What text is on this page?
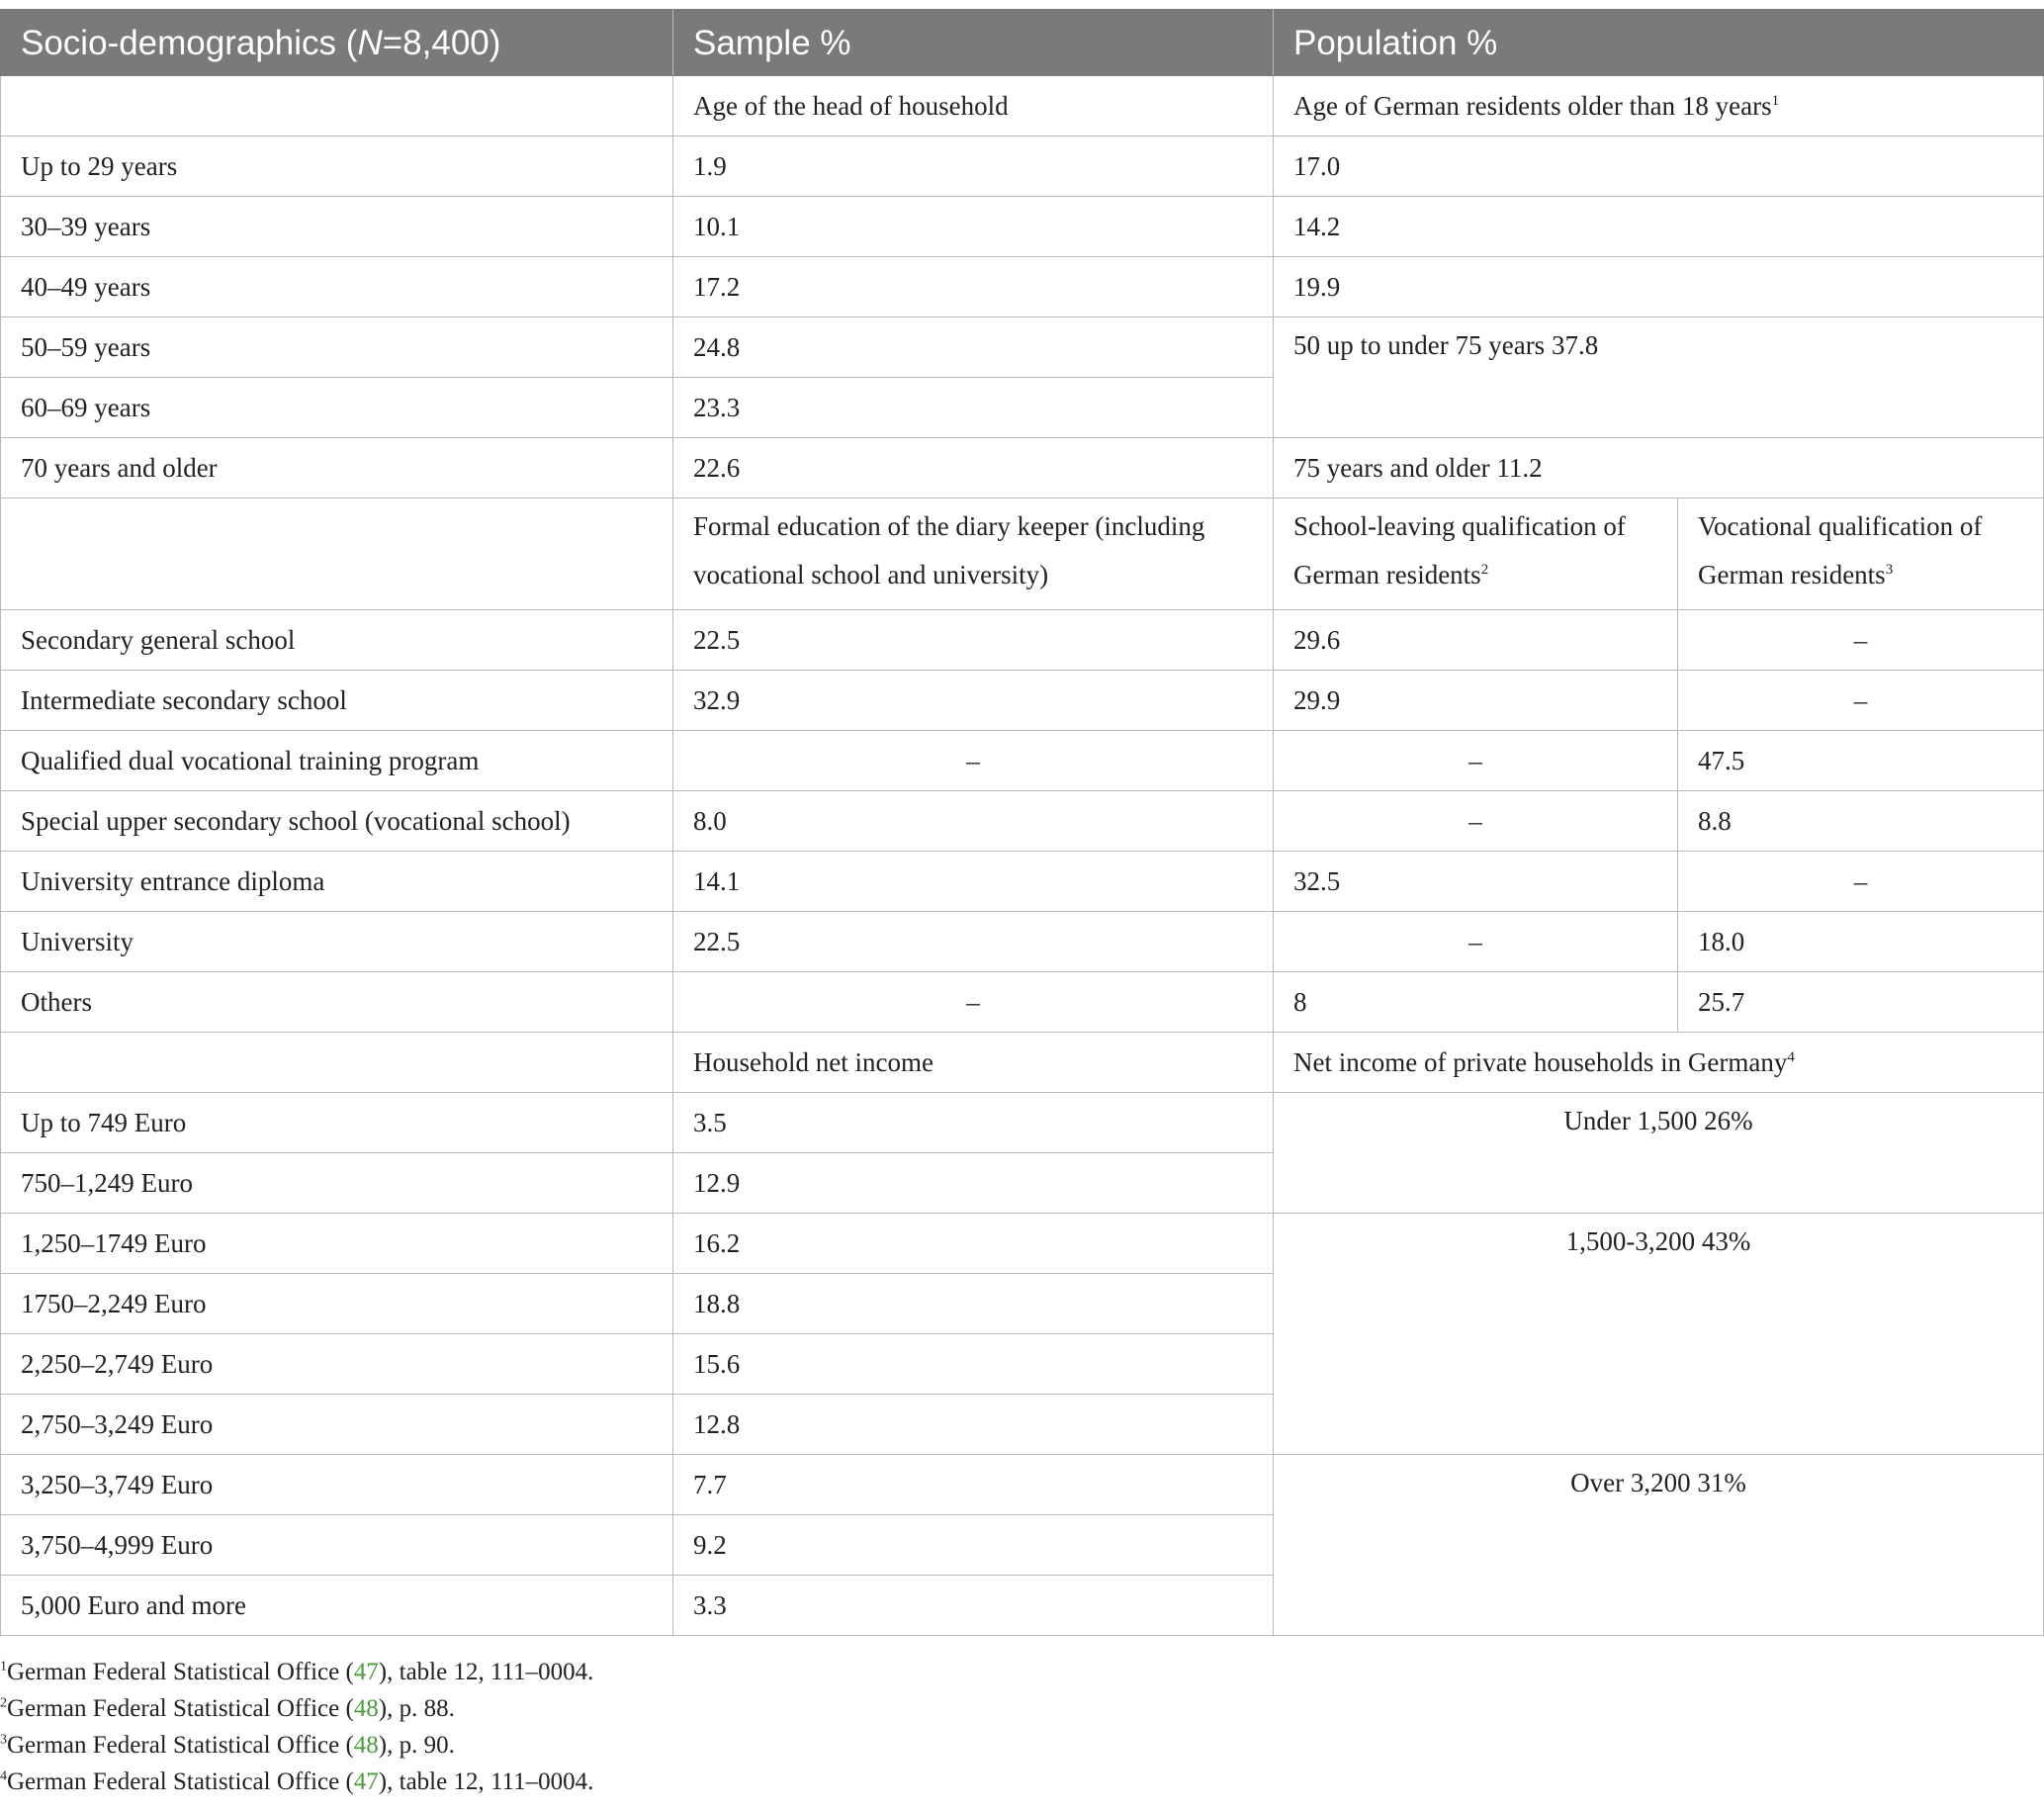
Socio-demographics (N=8,400)	Sample %	Population %	
	Age of the head of household	Age of German residents older than 18 years$^1$
Up to 29 years	1.9	17.0	
30–39 years	10.1	14.2	
40–49 years	17.2	19.9	
50–59 years	24.8	50 up to under 75 years 37.8	
60–69 years	23.3		
70 years and older	22.6	75 years and older 11.2	
	Formal education of the diary keeper (including vocational school and university)	School-leaving qualification of German residents$^2$	Vocational qualification of German residents$^3$
Secondary general school	22.5	29.6	–
Intermediate secondary school	32.9	29.9	–
Qualified dual vocational training program	–	–	47.5
Special upper secondary school (vocational school)	8.0	–	8.8
University entrance diploma	14.1	32.5	–
University	22.5	–	18.0
Others	–	8	25.7
	Household net income	Net income of private households in Germany$^4$
Up to 749 Euro	3.5	Under 1,500 26%	
750–1,249 Euro	12.9		
1,250–1749 Euro	16.2	1,500-3,200 43%	
1750–2,249 Euro	18.8		
2,250–2,749 Euro	15.6		
2,750–3,249 Euro	12.8		
3,250–3,749 Euro	7.7	Over 3,200 31%	
3,750–4,999 Euro	9.2		
5,000 Euro and more	3.3		
$^1$German Federal Statistical Office (47), table 12, 111–0004.
$^2$German Federal Statistical Office (48), p. 88.
$^3$German Federal Statistical Office (48), p. 90.
$^4$German Federal Statistical Office (47), table 12, 111–0004.
